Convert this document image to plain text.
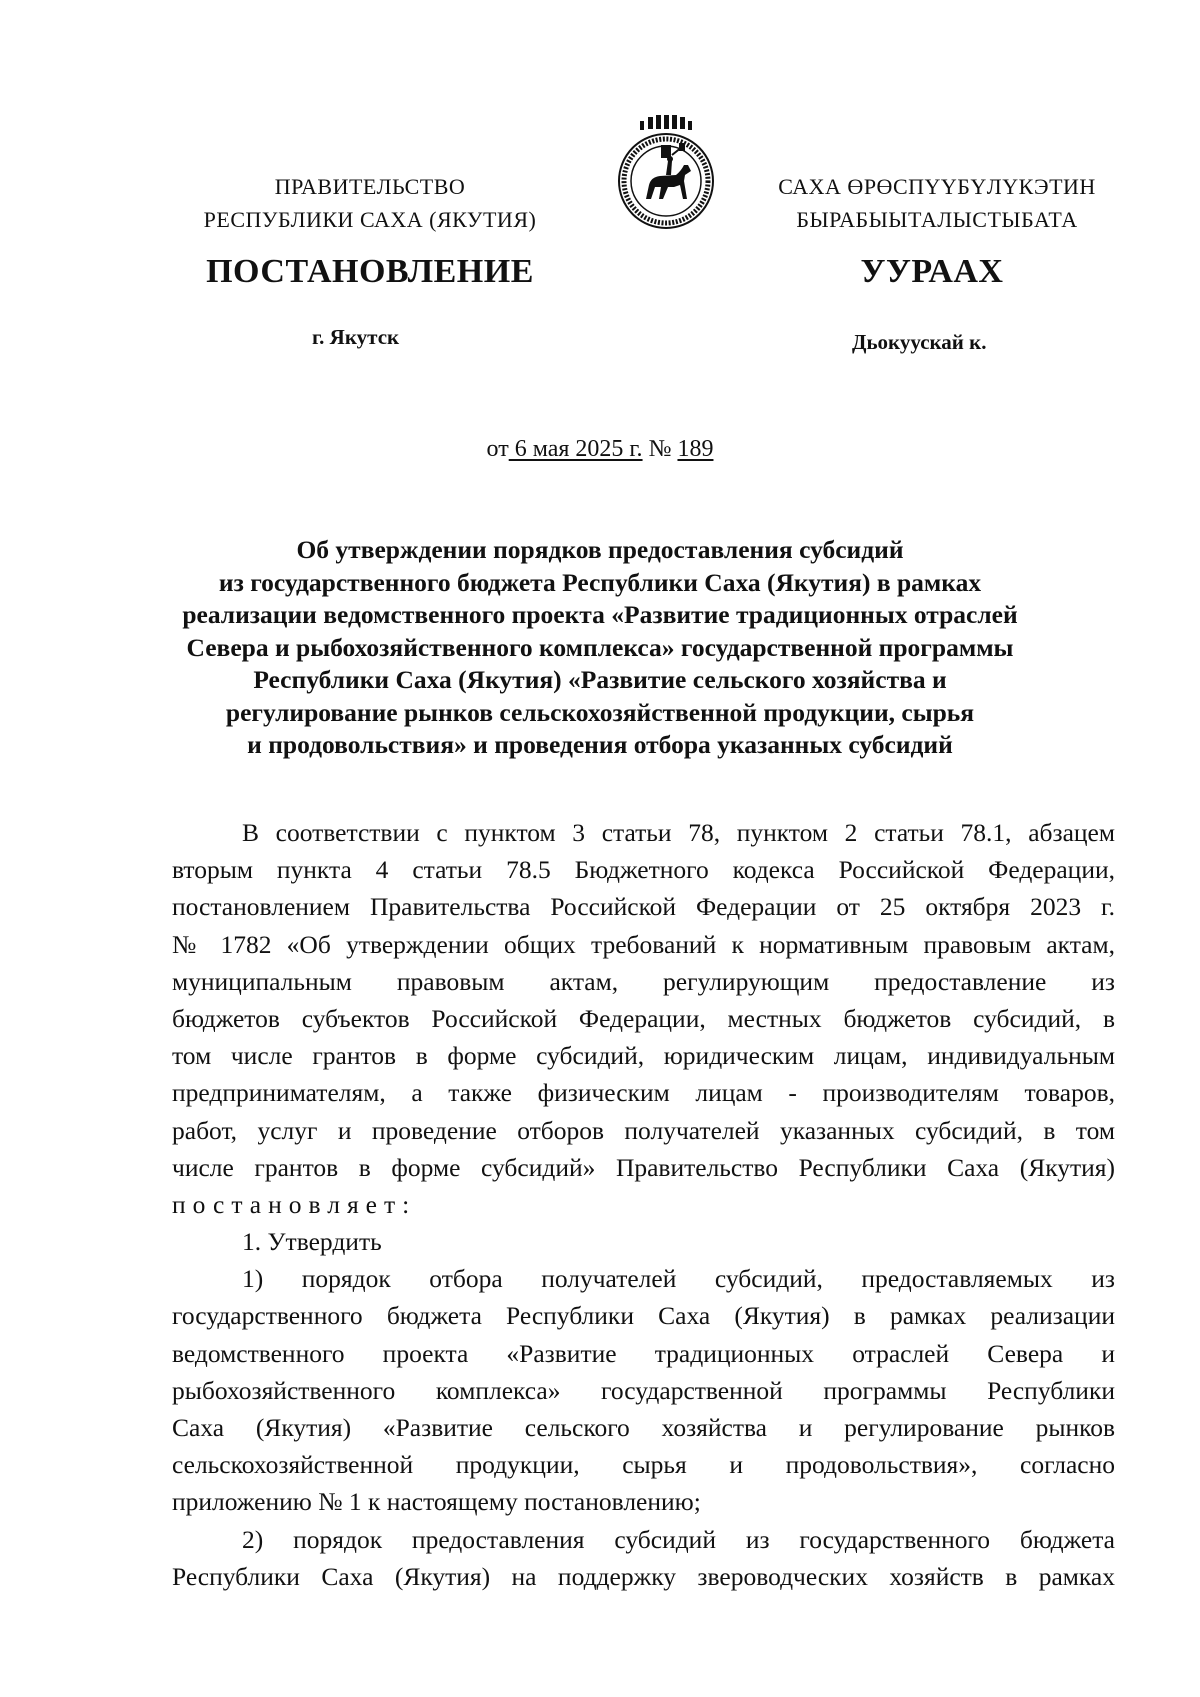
ПРАВИТЕЛЬСТВО
РЕСПУБЛИКИ САХА (ЯКУТИЯ)
САХА ӨРӨСПҮҮБҮЛҮКЭТИН
БЫРАБЫЫТАЛЫСТЫБАТА
ПОСТАНОВЛЕНИЕ	УУРААХ
г. Якутск	Дьокуускай к.
от 6 мая 2025 г. № 189
Об утверждении порядков предоставления субсидий
из государственного бюджета Республики Саха (Якутия) в рамках
реализации ведомственного проекта «Развитие традиционных отраслей
Севера и рыбохозяйственного комплекса» государственной программы
Республики Саха (Якутия) «Развитие сельского хозяйства и
регулирование рынков сельскохозяйственной продукции, сырья
и продовольствия» и проведения отбора указанных субсидий
В соответствии с пунктом 3 статьи 78, пунктом 2 статьи 78.1, абзацем
вторым пункта 4 статьи 78.5 Бюджетного кодекса Российской Федерации,
постановлением Правительства Российской Федерации от 25 октября 2023 г.
№ 1782 «Об утверждении общих требований к нормативным правовым актам,
муниципальным правовым актам, регулирующим предоставление из
бюджетов субъектов Российской Федерации, местных бюджетов субсидий, в
том числе грантов в форме субсидий, юридическим лицам, индивидуальным
предпринимателям, а также физическим лицам - производителям товаров,
работ, услуг и проведение отборов получателей указанных субсидий, в том
числе грантов в форме субсидий» Правительство Республики Саха (Якутия)
постановляет:
1. Утвердить
1) порядок отбора получателей субсидий, предоставляемых из
государственного бюджета Республики Саха (Якутия) в рамках реализации
ведомственного проекта «Развитие традиционных отраслей Севера и
рыбохозяйственного комплекса» государственной программы Республики
Саха (Якутия) «Развитие сельского хозяйства и регулирование рынков
сельскохозяйственной продукции, сырья и продовольствия», согласно
приложению № 1 к настоящему постановлению;
2) порядок предоставления субсидий из государственного бюджета
Республики Саха (Якутия) на поддержку звероводческих хозяйств в рамках
